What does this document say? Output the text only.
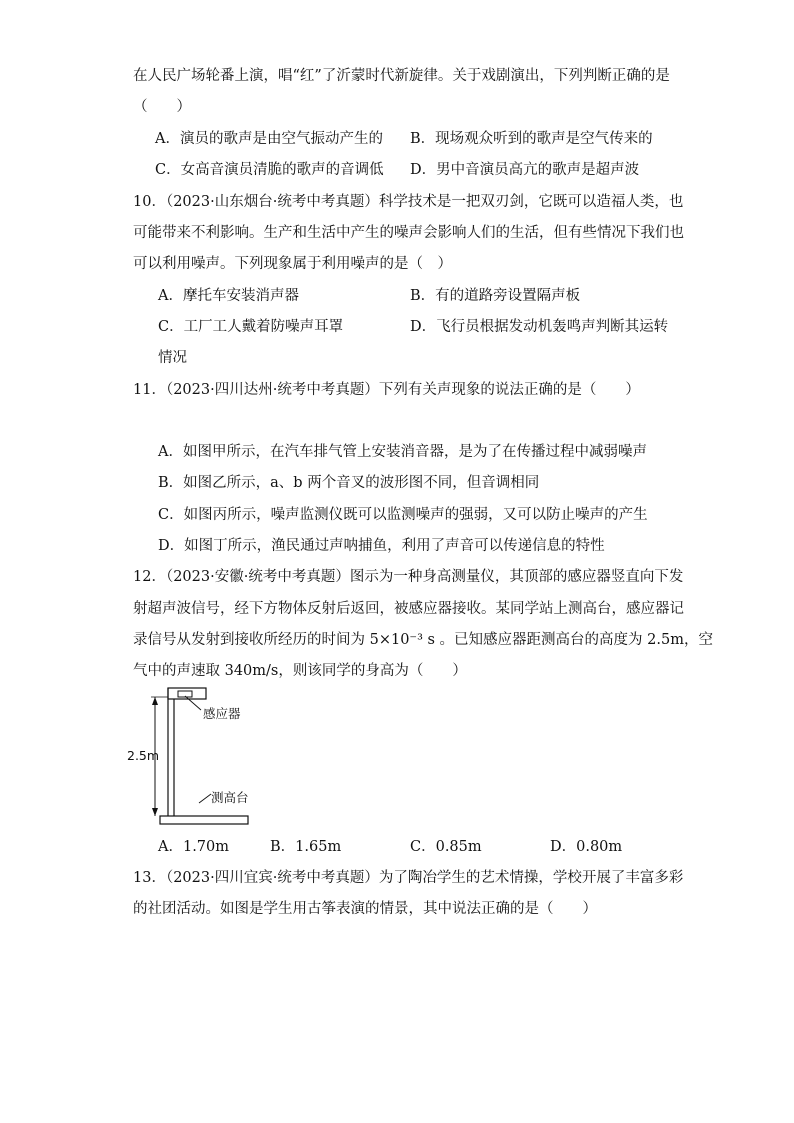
在人民广场轮番上演，唱“红”了沂蒙时代新旋律。关于戏剧演出，下列判断正确的是
（　　）
A．演员的歌声是由空气振动产生的 B．现场观众听到的歌声是空气传来的
C．女高音演员清脆的歌声的音调低 D．男中音演员高亢的歌声是超声波
10．（2023·山东烟台·统考中考真题）科学技术是一把双刃剑，它既可以造福人类，也
可能带来不利影响。生产和生活中产生的噪声会影响人们的生活，但有些情况下我们也
可以利用噪声。下列现象属于利用噪声的是（　）
A．摩托车安装消声器	B．有的道路旁设置隔声板
C．工厂工人戴着防噪声耳罩	D．飞行员根据发动机轰鸣声判断其运转
情况
11．（2023·四川达州·统考中考真题）下列有关声现象的说法正确的是（　　）
A．如图甲所示，在汽车排气管上安装消音器，是为了在传播过程中减弱噪声
B．如图乙所示，a、b 两个音叉的波形图不同，但音调相同
C．如图丙所示，噪声监测仪既可以监测噪声的强弱，又可以防止噪声的产生
D．如图丁所示，渔民通过声呐捕鱼，利用了声音可以传递信息的特性
12．（2023·安徽·统考中考真题）图示为一种身高测量仪，其顶部的感应器竖直向下发
射超声波信号，经下方物体反射后返回，被感应器接收。某同学站上测高台，感应器记
录信号从发射到接收所经历的时间为 5×10⁻³ s 。已知感应器距测高台的高度为 2.5m，空
气中的声速取 340m/s，则该同学的身高为（　　）
感应器
2.5m
测高台
A．1.70m	B．1.65m	C．0.85m	D．0.80m
13．（2023·四川宜宾·统考中考真题）为了陶冶学生的艺术情操，学校开展了丰富多彩
的社团活动。如图是学生用古筝表演的情景，其中说法正确的是（　　）
